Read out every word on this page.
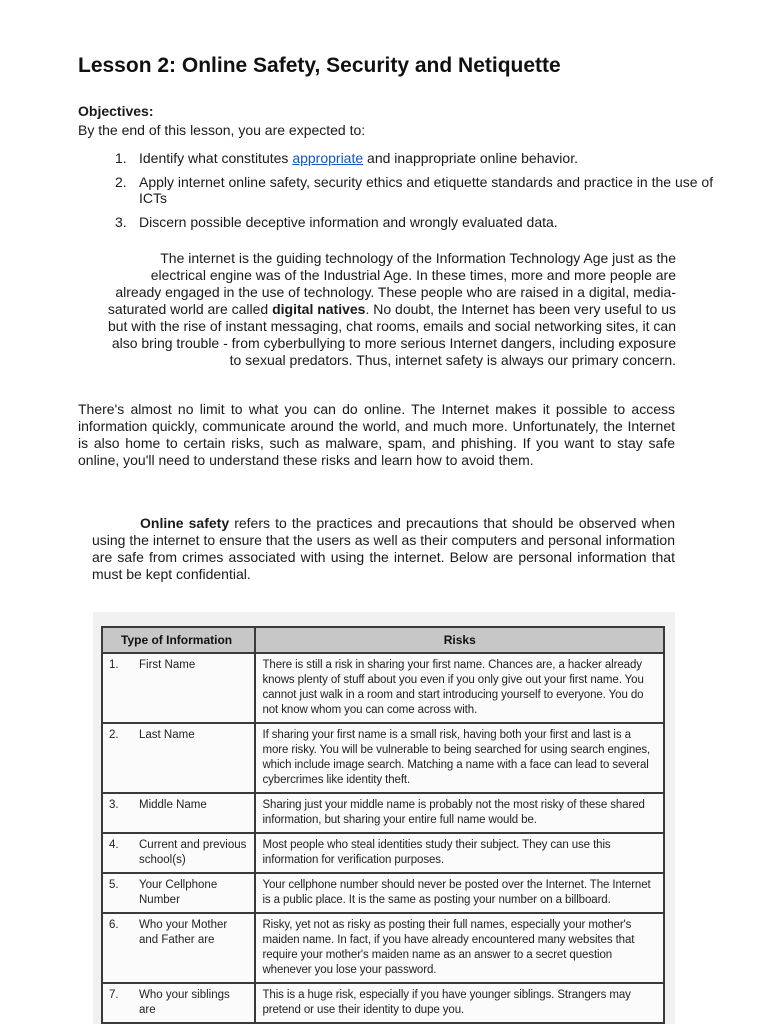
Lesson 2: Online Safety, Security and Netiquette
Objectives:
By the end of this lesson, you are expected to:
1. Identify what constitutes appropriate and inappropriate online behavior.
2. Apply internet online safety, security ethics and etiquette standards and practice in the use of ICTs
3. Discern possible deceptive information and wrongly evaluated data.
The internet is the guiding technology of the Information Technology Age just as the electrical engine was of the Industrial Age. In these times, more and more people are already engaged in the use of technology. These people who are raised in a digital, media-saturated world are called digital natives. No doubt, the Internet has been very useful to us but with the rise of instant messaging, chat rooms, emails and social networking sites, it can also bring trouble - from cyberbullying to more serious Internet dangers, including exposure to sexual predators. Thus, internet safety is always our primary concern.
There's almost no limit to what you can do online. The Internet makes it possible to access information quickly, communicate around the world, and much more. Unfortunately, the Internet is also home to certain risks, such as malware, spam, and phishing. If you want to stay safe online, you'll need to understand these risks and learn how to avoid them.
Online safety refers to the practices and precautions that should be observed when using the internet to ensure that the users as well as their computers and personal information are safe from crimes associated with using the internet. Below are personal information that must be kept confidential.
Type of Information	Risks
1. First Name	There is still a risk in sharing your first name. Chances are, a hacker already knows plenty of stuff about you even if you only give out your first name. You cannot just walk in a room and start introducing yourself to everyone. You do not know whom you can come across with.
2. Last Name	If sharing your first name is a small risk, having both your first and last is a more risky. You will be vulnerable to being searched for using search engines, which include image search. Matching a name with a face can lead to several cybercrimes like identity theft.
3. Middle Name	Sharing just your middle name is probably not the most risky of these shared information, but sharing your entire full name would be.
4. Current and previous school(s)	Most people who steal identities study their subject. They can use this information for verification purposes.
5. Your Cellphone Number	Your cellphone number should never be posted over the Internet. The Internet is a public place. It is the same as posting your number on a billboard.
6. Who your Mother and Father are	Risky, yet not as risky as posting their full names, especially your mother's maiden name. In fact, if you have already encountered many websites that require your mother's maiden name as an answer to a secret question whenever you lose your password.
7. Who your siblings are	This is a huge risk, especially if you have younger siblings. Strangers may pretend or use their identity to dupe you.
